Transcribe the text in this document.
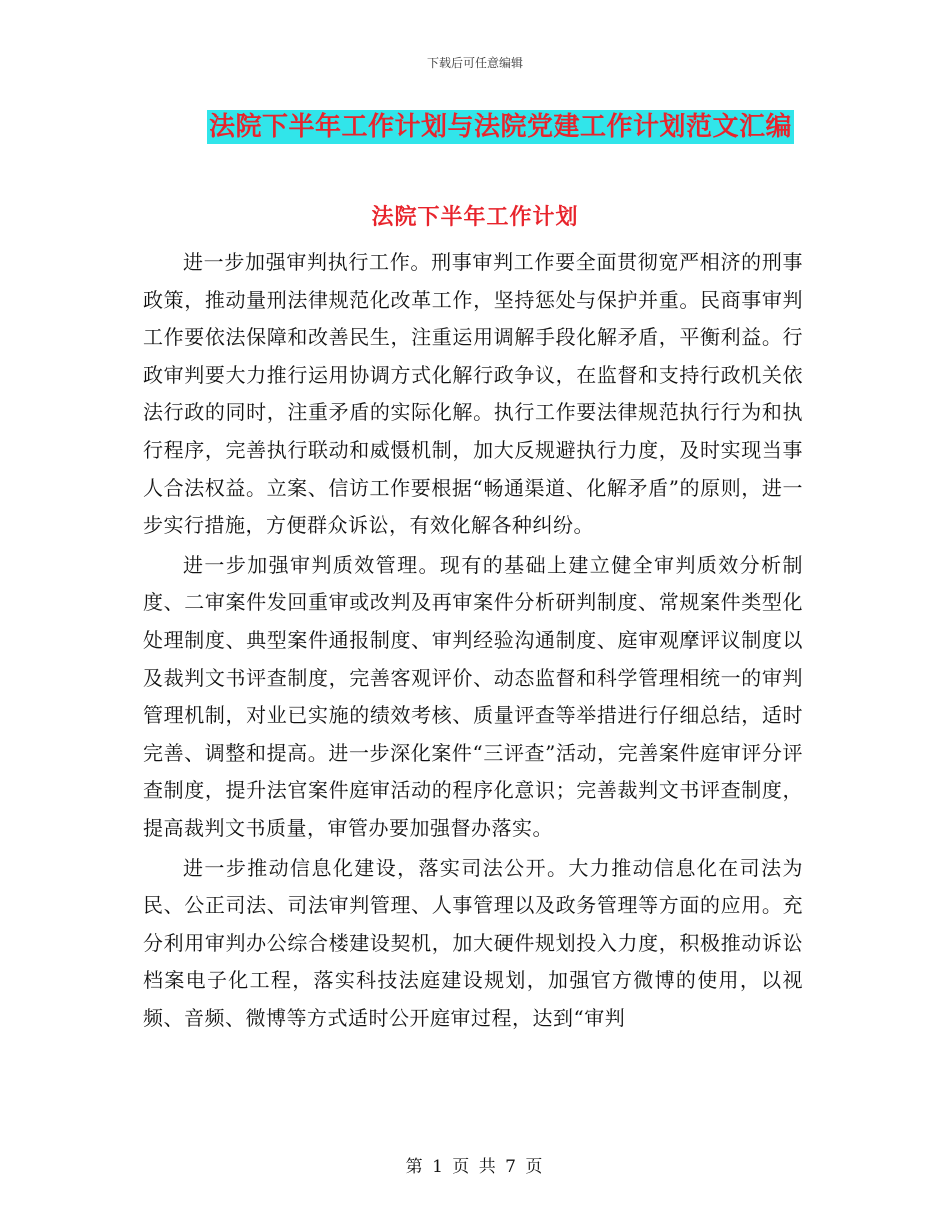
下载后可任意编辑
法院下半年工作计划与法院党建工作计划范文汇编
法院下半年工作计划

进一步加强审判执行工作。刑事审判工作要全面贯彻宽严相济的刑事政策，推动量刑法律规范化改革工作，坚持惩处与保护并重。民商事审判工作要依法保障和改善民生，注重运用调解手段化解矛盾，平衡利益。行政审判要大力推行运用协调方式化解行政争议，在监督和支持行政机关依法行政的同时，注重矛盾的实际化解。执行工作要法律规范执行行为和执行程序，完善执行联动和威慑机制，加大反规避执行力度，及时实现当事人合法权益。立案、信访工作要根据“畅通渠道、化解矛盾”的原则，进一步实行措施，方便群众诉讼，有效化解各种纠纷。

进一步加强审判质效管理。现有的基础上建立健全审判质效分析制度、二审案件发回重审或改判及再审案件分析研判制度、常规案件类型化处理制度、典型案件通报制度、审判经验沟通制度、庭审观摩评议制度以及裁判文书评查制度，完善客观评价、动态监督和科学管理相统一的审判管理机制，对业已实施的绩效考核、质量评查等举措进行仔细总结，适时完善、调整和提高。进一步深化案件“三评查”活动，完善案件庭审评分评查制度，提升法官案件庭审活动的程序化意识；完善裁判文书评查制度，提高裁判文书质量，审管办要加强督办落实。

进一步推动信息化建设，落实司法公开。大力推动信息化在司法为民、公正司法、司法审判管理、人事管理以及政务管理等方面的应用。充分利用审判办公综合楼建设契机，加大硬件规划投入力度，积极推动诉讼档案电子化工程，落实科技法庭建设规划，加强官方微博的使用，以视频、音频、微博等方式适时公开庭审过程，达到“审判

第 1 页 共 7 页
